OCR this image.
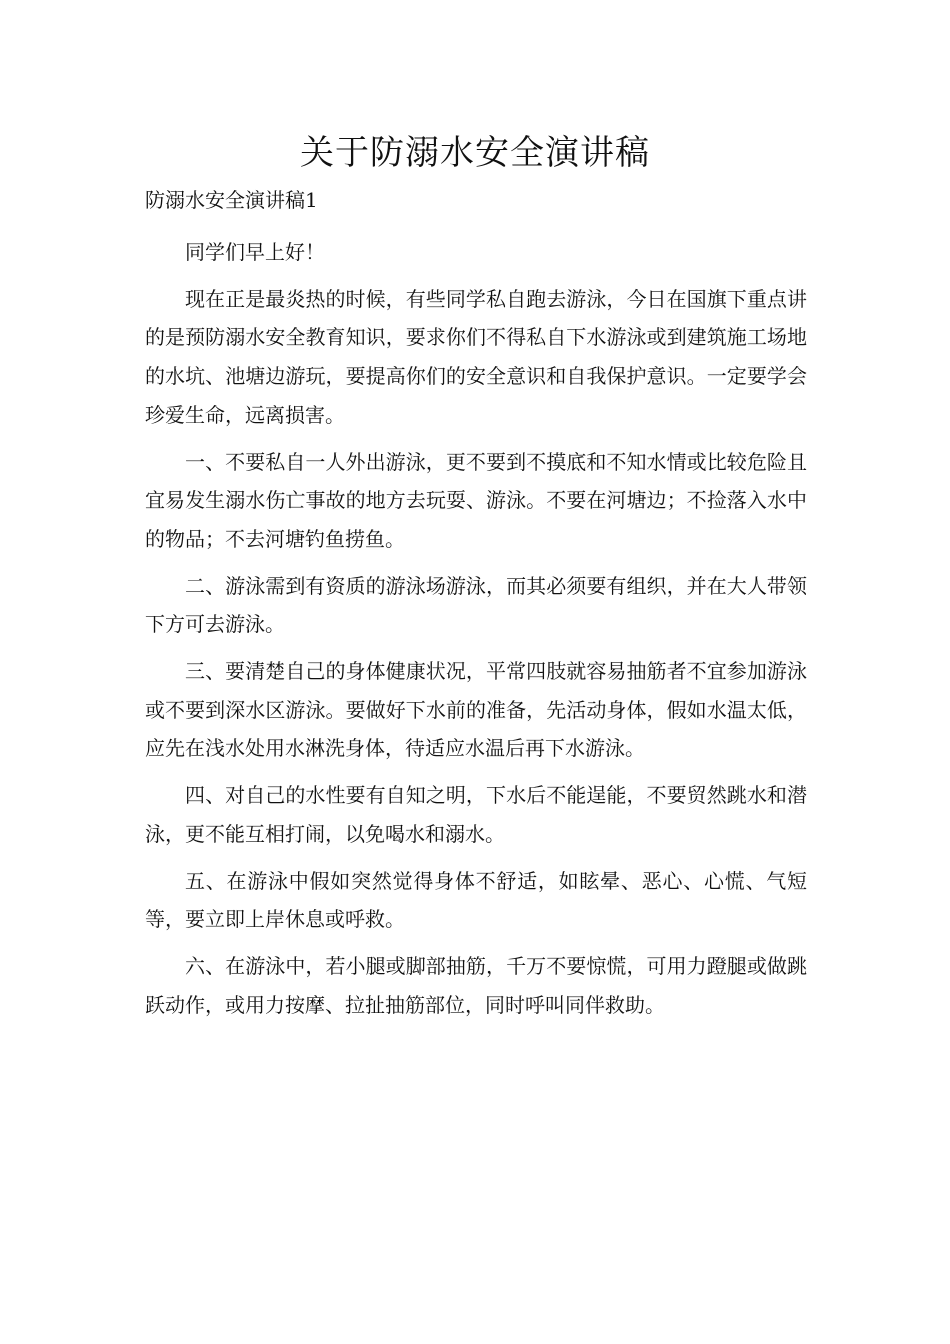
关于防溺水安全演讲稿
防溺水安全演讲稿1

同学们早上好！

现在正是最炎热的时候，有些同学私自跑去游泳，今日在国旗下重点讲的是预防溺水安全教育知识，要求你们不得私自下水游泳或到建筑施工场地的水坑、池塘边游玩，要提高你们的安全意识和自我保护意识。一定要学会珍爱生命，远离损害。

一、不要私自一人外出游泳，更不要到不摸底和不知水情或比较危险且宜易发生溺水伤亡事故的地方去玩耍、游泳。不要在河塘边；不捡落入水中的物品；不去河塘钓鱼捞鱼。

二、游泳需到有资质的游泳场游泳，而其必须要有组织，并在大人带领下方可去游泳。

三、要清楚自己的身体健康状况，平常四肢就容易抽筋者不宜参加游泳或不要到深水区游泳。要做好下水前的准备，先活动身体，假如水温太低，应先在浅水处用水淋洗身体，待适应水温后再下水游泳。

四、对自己的水性要有自知之明，下水后不能逞能，不要贸然跳水和潜泳，更不能互相打闹，以免喝水和溺水。

五、在游泳中假如突然觉得身体不舒适，如眩晕、恶心、心慌、气短等，要立即上岸休息或呼救。

六、在游泳中，若小腿或脚部抽筋，千万不要惊慌，可用力蹬腿或做跳跃动作，或用力按摩、拉扯抽筋部位，同时呼叫同伴救助。
